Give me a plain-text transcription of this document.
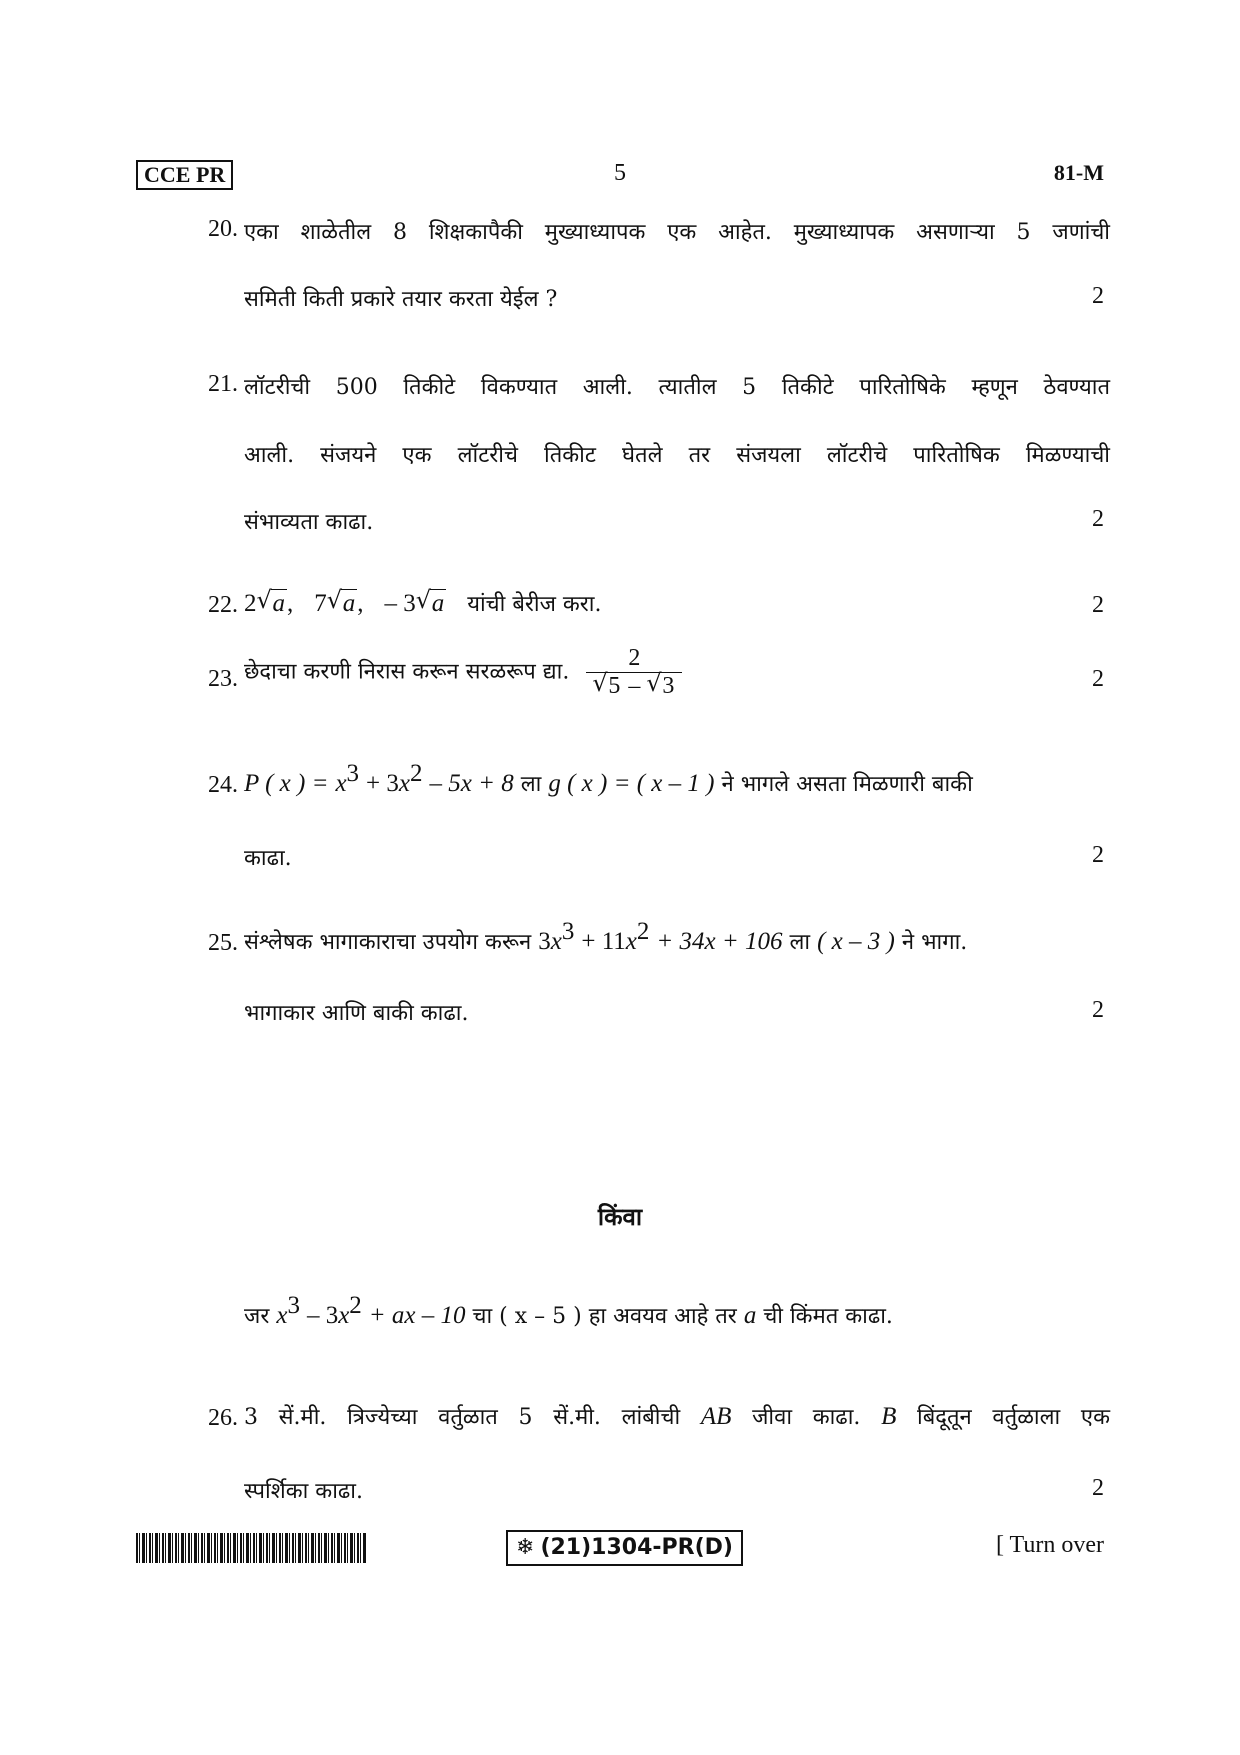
CCE PR	5	81-M
20. एका शाळेतील 8 शिक्षकापैकी मुख्याध्यापक एक आहेत. मुख्याध्यापक असणाऱ्या 5 जणांची
समिती किती प्रकारे तयार करता येईल ?	2
21. लॉटरीची 500 तिकीटे विकण्यात आली. त्यातील 5 तिकीटे पारितोषिके म्हणून ठेवण्यात
आली. संजयने एक लॉटरीचे तिकीट घेतले तर संजयला लॉटरीचे पारितोषिक मिळण्याची
संभाव्यता काढा.	2
22. 2 √ a, 7 √ a, – 3 √ a यांची बेरीज करा.	2
23. छेदाचा करणी निरास करून सरळरूप द्या. $\frac{2}{√ 5 - √ 3}$	2
24. P ( x ) = $x^3 + 3x^2 - 5x + 8$ ला g ( x ) = ( x – 1 ) ने भागले असता मिळणारी बाकी
काढा.	2
25. संश्लेषक भागाकाराचा उपयोग करून $3x^3 + 11x^2 + 34x + 106$ ला ( x – 3 ) ने भागा.
भागाकार आणि बाकी काढा.	2
किंवा
जर $x^3 - 3x^2$ + ax – 10 चा ( x – 5 ) हा अवयव आहे तर a ची किंमत काढा.
26. 3 सें.मी. त्रिज्येच्या वर्तुळात 5 सें.मी. लांबीची AB जीवा काढा. B बिंदूतून वर्तुळाला एक
स्पर्शिका काढा.	2
❄ (21)1304-PR(D)	[ Turn over
